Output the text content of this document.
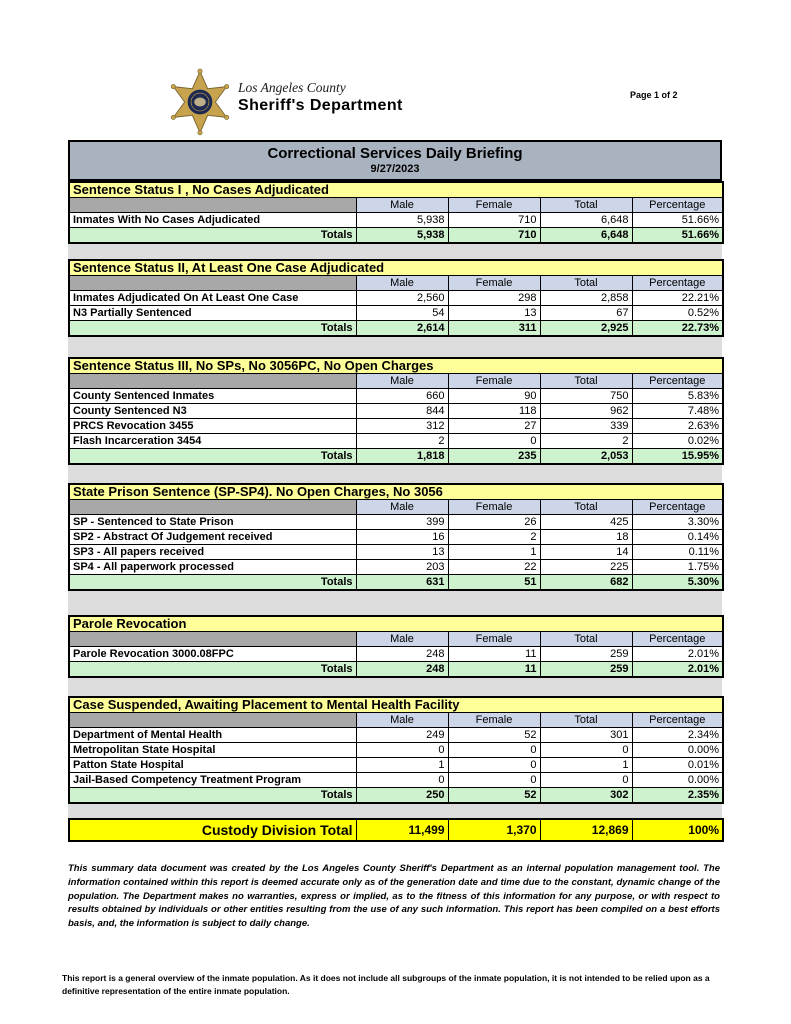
Los Angeles County
Sheriff's Department
Page 1 of 2
Correctional Services Daily Briefing
9/27/2023
Sentence Status I , No Cases Adjudicated				
	Male	Female	Total	Percentage
Inmates With No Cases Adjudicated	5,938	710	6,648	51.66%
Totals	5,938	710	6,648	51.66%
Sentence Status II, At Least One Case Adjudicated				
	Male	Female	Total	Percentage
Inmates Adjudicated On At Least One Case	2,560	298	2,858	22.21%
N3 Partially Sentenced	54	13	67	0.52%
Totals	2,614	311	2,925	22.73%
Sentence Status III, No SPs, No 3056PC, No Open Charges				
	Male	Female	Total	Percentage
County Sentenced Inmates	660	90	750	5.83%
County Sentenced N3	844	118	962	7.48%
PRCS Revocation 3455	312	27	339	2.63%
Flash Incarceration 3454	2	0	2	0.02%
Totals	1,818	235	2,053	15.95%
State Prison Sentence (SP-SP4). No Open Charges, No 3056				
	Male	Female	Total	Percentage
SP - Sentenced to State Prison	399	26	425	3.30%
SP2 - Abstract Of Judgement received	16	2	18	0.14%
SP3 - All papers received	13	1	14	0.11%
SP4 - All paperwork processed	203	22	225	1.75%
Totals	631	51	682	5.30%
Parole Revocation				
	Male	Female	Total	Percentage
Parole Revocation 3000.08FPC	248	11	259	2.01%
Totals	248	11	259	2.01%
Case Suspended, Awaiting Placement to Mental Health Facility				
	Male	Female	Total	Percentage
Department of Mental Health	249	52	301	2.34%
Metropolitan State Hospital	0	0	0	0.00%
Patton State Hospital	1	0	1	0.01%
Jail-Based Competency Treatment Program	0	0	0	0.00%
Totals	250	52	302	2.35%
Custody Division Total	11,499	1,370	12,869	100%
This summary data document was created by the Los Angeles County Sheriff's Department as an internal population management tool. The information contained within this report is deemed accurate only as of the generation date and time due to the constant, dynamic change of the population. The Department makes no warranties, express or implied, as to the fitness of this information for any purpose, or with respect to results obtained by individuals or other entities resulting from the use of any such information. This report has been compiled on a best efforts basis, and, the information is subject to daily change.
This report is a general overview of the inmate population. As it does not include all subgroups of the inmate population, it is not intended to be relied upon as a definitive representation of the entire inmate population.
